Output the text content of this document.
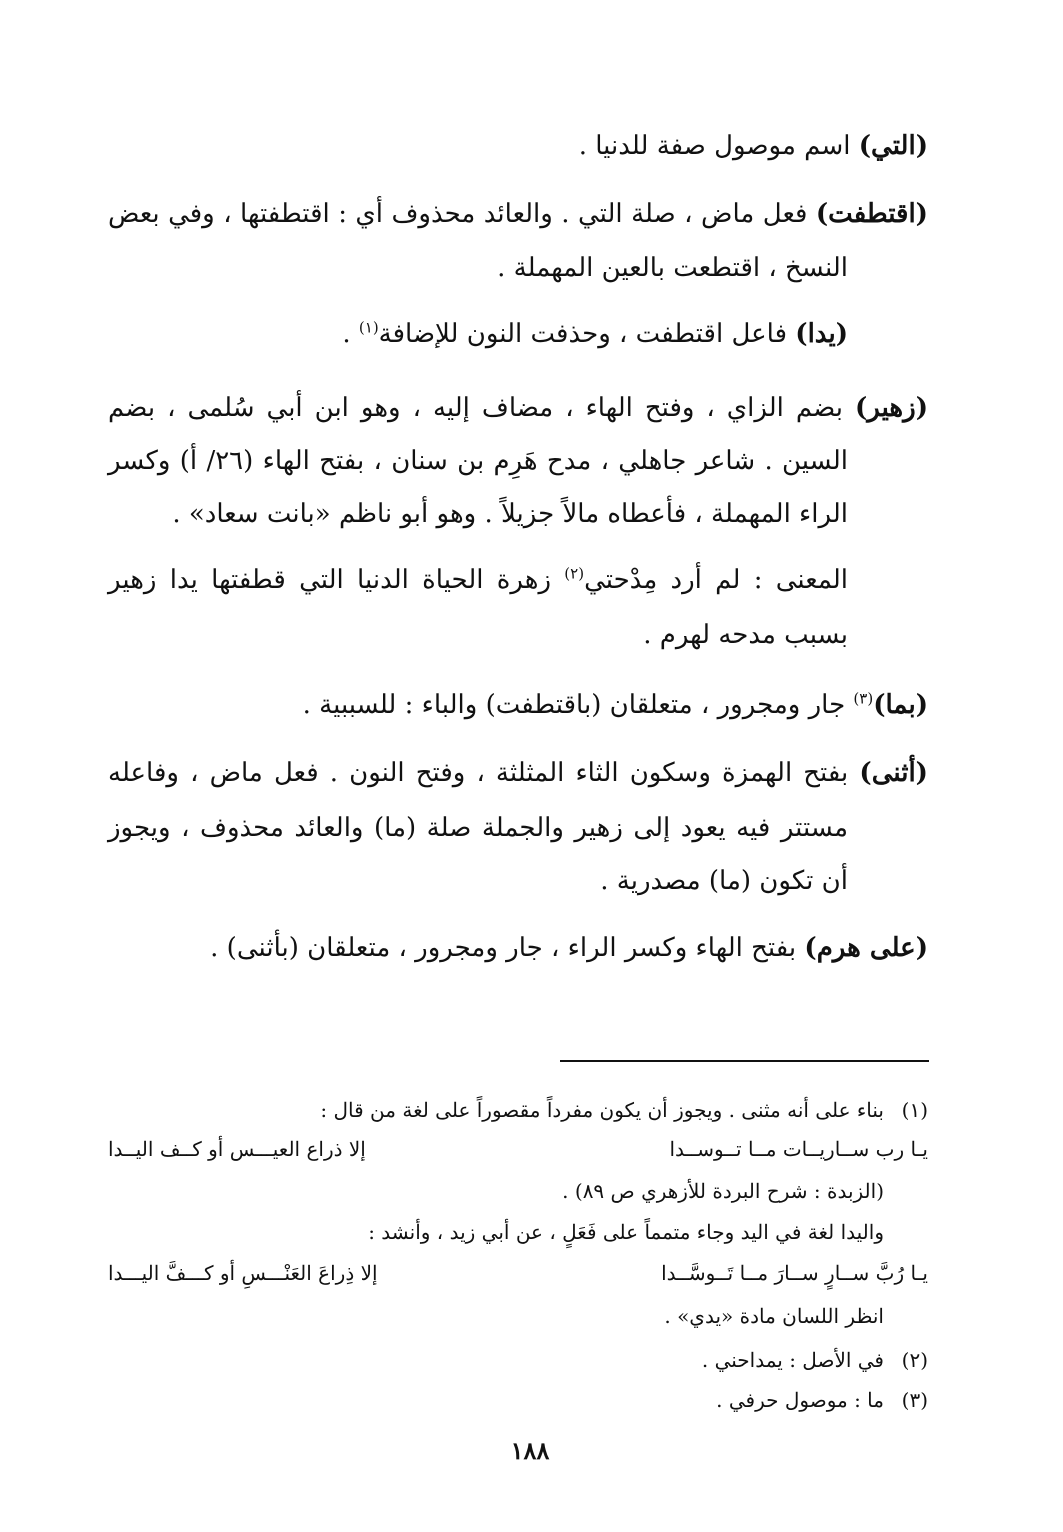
(التي) اسم موصول صفة للدنيا .
(اقتطفت) فعل ماض ، صلة التي . والعائد محذوف أي : اقتطفتها ، وفي بعض
النسخ ، اقتطعت بالعين المهملة .
(يدا) فاعل اقتطفت ، وحذفت النون للإضافة$^{(١)}$ .
(زهير) بضم الزاي ، وفتح الهاء ، مضاف إليه ، وهو ابن أبي سُلمى ، بضم
السين . شاعر جاهلي ، مدح هَرِم بن سنان ، بفتح الهاء (٢٦/ أ) وكسر
الراء المهملة ، فأعطاه مالاً جزيلاً . وهو أبو ناظم «بانت سعاد» .
المعنى : لم أرد مِدْحتي$^{(٢)}$ زهرة الحياة الدنيا التي قطفتها يدا زهير
بسبب مدحه لهرم .
(بما)$^{(٣)}$ جار ومجرور ، متعلقان (باقتطفت) والباء : للسببية .
(أثنى) بفتح الهمزة وسكون الثاء المثلثة ، وفتح النون . فعل ماض ، وفاعله
مستتر فيه يعود إلى زهير والجملة صلة (ما) والعائد محذوف ، ويجوز
أن تكون (ما) مصدرية .
(على هرم) بفتح الهاء وكسر الراء ، جار ومجرور ، متعلقان (بأثنى) .
(١)بناء على أنه مثنى . ويجوز أن يكون مفرداً مقصوراً على لغة من قال :
يـا رب ســاريــات مــا تــوســدا
إلا ذراع العيـــس أو كــف اليــدا
(الزبدة : شرح البردة للأزهري ص ٨٩) .
واليدا لغة في اليد وجاء متمماً على فَعَلٍ ، عن أبي زيد ، وأنشد :
يـا رُبَّ ســارٍ ســارَ مــا تَــوسَّــدا
إلا ذِراعَ العَنْـــسِ أو كـــفَّ اليـــدا
انظر اللسان مادة «يدي» .
(٢)في الأصل : يمداحني .
(٣)ما : موصول حرفي .
١٨٨
